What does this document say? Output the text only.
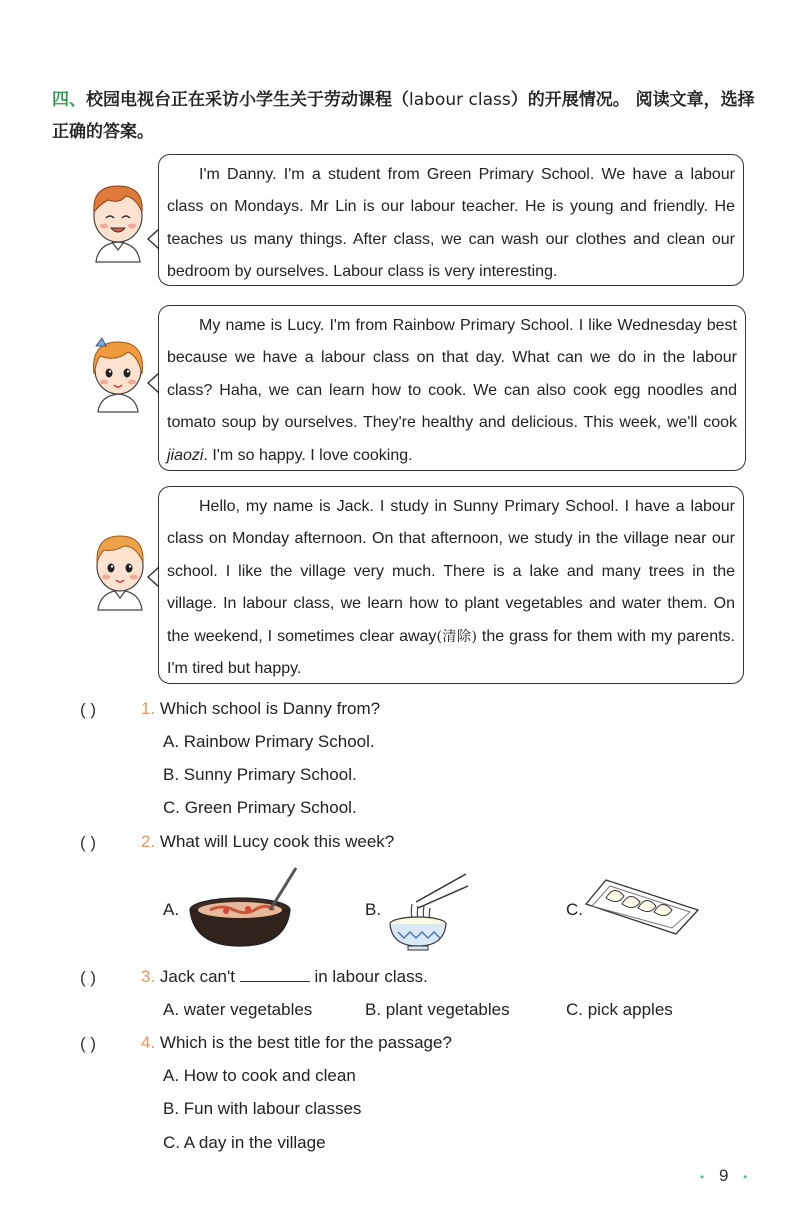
四、校园电视台正在采访小学生关于劳动课程（labour class）的开展情况。 阅读文章，选择正确的答案。

I'm Danny. I'm a student from Green Primary School. We have a labour class on Mondays. Mr Lin is our labour teacher. He is young and friendly. He teaches us many things. After class, we can wash our clothes and clean our bedroom by ourselves. Labour class is very interesting.

My name is Lucy. I'm from Rainbow Primary School. I like Wednesday best because we have a labour class on that day. What can we do in the labour class? Haha, we can learn how to cook. We can also cook egg noodles and tomato soup by ourselves. They're healthy and delicious. This week, we'll cook jiaozi. I'm so happy. I love cooking.

Hello, my name is Jack. I study in Sunny Primary School. I have a labour class on Monday afternoon. On that afternoon, we study in the village near our school. I like the village very much. There is a lake and many trees in the village. In labour class, we learn how to plant vegetables and water them. On the weekend, I sometimes clear away(清除) the grass for them with my parents. I'm tired but happy.

( )	1. Which school is Danny from?
A. Rainbow Primary School.
B. Sunny Primary School.
C. Green Primary School.
( )	2. What will Lucy cook this week?
A.	B.	C.
( )	3. Jack can't	in labour class.
A. water vegetables	B. plant vegetables	C. pick apples
( )	4. Which is the best title for the passage?
A. How to cook and clean
B. Fun with labour classes
C. A day in the village
• 9 •
